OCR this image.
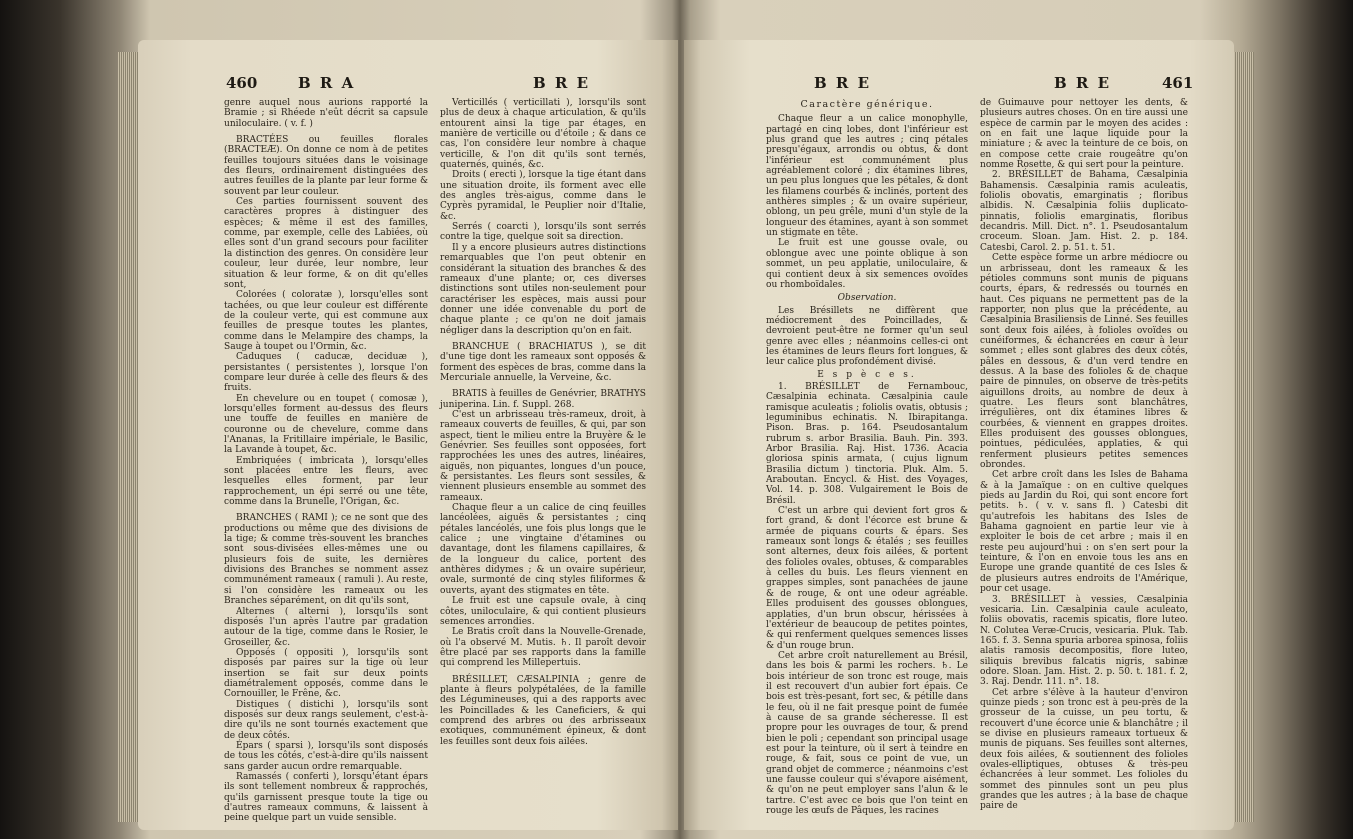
460	B R A	B R E

genre auquel nous aurions rapporté la Bramie ; si Rhéede n'eût décrit sa capsule uniloculaire. ( v. f. )

BRACTÉES ou feuilles florales (BRACTEÆ). On donne ce nom à de petites feuilles toujours situées dans le voisinage des fleurs, ordinairement distinguées des autres feuilles de la plante par leur forme & souvent par leur couleur.

Ces parties fournissent souvent des caractères propres à distinguer des espèces; & même il est des familles, comme, par exemple, celle des Labiées, où elles sont d'un grand secours pour faciliter la distinction des genres. On considère leur couleur, leur durée, leur nombre, leur situation & leur forme, & on dit qu'elles sont,

Colorées ( coloratæ ), lorsqu'elles sont tachées, ou que leur couleur est différente de la couleur verte, qui est commune aux feuilles de presque toutes les plantes, comme dans le Melampire des champs, la Sauge à toupet ou l'Ormin, &c.

Caduques ( caducæ, deciduæ ), persistantes ( persistentes ), lorsque l'on compare leur durée à celle des fleurs & des fruits.

En chevelure ou en toupet ( comosæ ), lorsqu'elles forment au-dessus des fleurs une touffe de feuilles en manière de couronne ou de chevelure, comme dans l'Ananas, la Fritillaire impériale, le Basilic, la Lavande à toupet, &c.

Embriquées ( imbricata ), lorsqu'elles sont placées entre les fleurs, avec lesquelles elles forment, par leur rapprochement, un épi serré ou une tête, comme dans la Brunelle, l'Origan, &c.

BRANCHES ( RAMI ); ce ne sont que des productions ou même que des divisions de la tige; & comme très-souvent les branches sont sous-divisées elles-mêmes une ou plusieurs fois de suite, les dernières divisions des Branches se nomment assez communément rameaux ( ramuli ). Au reste, si l'on considère les rameaux ou les Branches séparément, on dit qu'ils sont,

Alternes ( alterni ), lorsqu'ils sont disposés l'un après l'autre par gradation autour de la tige, comme dans le Rosier, le Groseiller, &c.

Opposés ( oppositi ), lorsqu'ils sont disposés par paires sur la tige où leur insertion se fait sur deux points diamétralement opposés, comme dans le Cornouiller, le Frêne, &c.

Distiques ( distichi ), lorsqu'ils sont disposés sur deux rangs seulement, c'est-à-dire qu'ils ne sont tournés exactement que de deux côtés.

Épars ( sparsi ), lorsqu'ils sont disposés de tous les côtés, c'est-à-dire qu'ils naissent sans garder aucun ordre remarquable.

Ramassés ( conferti ), lorsqu'étant épars ils sont tellement nombreux & rapprochés, qu'ils garnissent presque toute la tige ou d'autres rameaux communs, & laissent à peine quelque part un vuide sensible.

Verticillés ( verticillati ), lorsqu'ils sont plus de deux à chaque articulation, & qu'ils entourent ainsi la tige par étages, en manière de verticille ou d'étoile ; & dans ce cas, l'on considère leur nombre à chaque verticille, & l'on dit qu'ils sont ternés, quaternés, quinés, &c.

Droits ( erecti ), lorsque la tige étant dans une situation droite, ils forment avec elle des angles très-aigus, comme dans le Cyprès pyramidal, le Peuplier noir d'Italie, &c.

Serrés ( coarcti ), lorsqu'ils sont serrés contre la tige, quelque soit sa direction.

Il y a encore plusieurs autres distinctions remarquables que l'on peut obtenir en considérant la situation des branches & des rameaux d'une plante; or, ces diverses distinctions sont utiles non-seulement pour caractériser les espèces, mais aussi pour donner une idée convenable du port de chaque plante ; ce qu'on ne doit jamais négliger dans la description qu'on en fait.

BRANCHUE ( BRACHIATUS ), se dit d'une tige dont les rameaux sont opposés & forment des espèces de bras, comme dans la Mercuriale annuelle, la Verveine, &c.

BRATIS à feuilles de Genévrier, BRATHYS juniperina. Lin. f. Suppl. 268.

C'est un arbrisseau très-rameux, droit, à rameaux couverts de feuilles, & qui, par son aspect, tient le milieu entre la Bruyère & le Genévrier. Ses feuilles sont opposées, fort rapprochées les unes des autres, linéaires, aiguës, non piquantes, longues d'un pouce, & persistantes. Les fleurs sont sessiles, & viennent plusieurs ensemble au sommet des rameaux.

Chaque fleur a un calice de cinq feuilles lancéolées, aiguës & persistantes ; cinq pétales lancéolés, une fois plus longs que le calice ; une vingtaine d'étamines ou davantage, dont les filamens capillaires, & de la longueur du calice, portent des anthères didymes ; & un ovaire supérieur, ovale, surmonté de cinq styles filiformes & ouverts, ayant des stigmates en tête.

Le fruit est une capsule ovale, à cinq côtes, uniloculaire, & qui contient plusieurs semences arrondies.

Le Bratis croît dans la Nouvelle-Grenade, où l'a observé M. Mutis. ♄. Il paroît devoir être placé par ses rapports dans la famille qui comprend les Millepertuis.

BRÉSILLET, CÆSALPINIA ; genre de plante à fleurs polypétalées, de la famille des Légumineuses, qui a des rapports avec les Poincillades & les Caneficiers, & qui comprend des arbres ou des arbrisseaux exotiques, communément épineux, & dont les feuilles sont deux fois ailées.

B R E	B R E	461

Caractère générique.

Chaque fleur a un calice monophylle, partagé en cinq lobes, dont l'inférieur est plus grand que les autres ; cinq pétales presqu'égaux, arrondis ou obtus, & dont l'inférieur est communément plus agréablement coloré ; dix étamines libres, un peu plus longues que les pétales, & dont les filamens courbés & inclinés, portent des anthères simples ; & un ovaire supérieur, oblong, un peu grêle, muni d'un style de la longueur des étamines, ayant à son sommet un stigmate en tête.

Le fruit est une gousse ovale, ou oblongue avec une pointe oblique à son sommet, un peu applatie, uniloculaire, & qui contient deux à six semences ovoïdes ou rhomboïdales.

Observation.

Les Brésillets ne diffèrent que médiocrement des Poincillades, & devroient peut-être ne former qu'un seul genre avec elles ; néanmoins celles-ci ont les étamines de leurs fleurs fort longues, & leur calice plus profondément divisé.

E s p è c e s.

1. BRÉSILLET de Fernambouc, Cæsalpinia echinata. Cæsalpinia caule ramisque aculeatis ; foliolis ovatis, obtusis ; leguminibus echinatis. N. Ibirapitanga. Pison. Bras. p. 164. Pseudosantalum rubrum s. arbor Brasilia. Bauh. Pin. 393. Arbor Brasilia. Raj. Hist. 1736. Acacia gloriosa spinis armata, ( cujus lignum Brasilia dictum ) tinctoria. Pluk. Alm. 5. Araboutan. Encycl. & Hist. des Voyages, Vol. 14. p. 308. Vulgairement le Bois de Brésil.

C'est un arbre qui devient fort gros & fort grand, & dont l'écorce est brune & armée de piquans courts & épars. Ses rameaux sont longs & étalés ; ses feuilles sont alternes, deux fois ailées, & portent des folioles ovales, obtuses, & comparables à celles du buis. Les fleurs viennent en grappes simples, sont panachées de jaune & de rouge, & ont une odeur agréable. Elles produisent des gousses oblongues, applaties, d'un brun obscur, hérissées à l'extérieur de beaucoup de petites pointes, & qui renferment quelques semences lisses & d'un rouge brun.

Cet arbre croît naturellement au Brésil, dans les bois & parmi les rochers. ♄. Le bois intérieur de son tronc est rouge, mais il est recouvert d'un aubier fort épais. Ce bois est très-pesant, fort sec, & pétille dans le feu, où il ne fait presque point de fumée à cause de sa grande sécheresse. Il est propre pour les ouvrages de tour, & prend bien le poli ; cependant son principal usage est pour la teinture, où il sert à teindre en rouge, & fait, sous ce point de vue, un grand objet de commerce ; néanmoins c'est une fausse couleur qui s'évapore aisément, & qu'on ne peut employer sans l'alun & le tartre. C'est avec ce bois que l'on teint en rouge les œufs de Pâques, les racines

de Guimauve pour nettoyer les dents, & plusieurs autres choses. On en tire aussi une espèce de carmin par le moyen des acides : on en fait une laque liquide pour la miniature ; & avec la teinture de ce bois, on en compose cette craie rougeâtre qu'on nomme Rosette, & qui sert pour la peinture.

2. BRÉSILLET de Bahama, Cæsalpinia Bahamensis. Cæsalpinia ramis aculeatis, foliolis obovatis, emarginatis ; floribus albidis. N. Cæsalpinia foliis duplicato-pinnatis, foliolis emarginatis, floribus decandris. Mill. Dict. n°. 1. Pseudosantalum croceum. Sloan. Jam. Hist. 2. p. 184. Catesbi, Carol. 2. p. 51. t. 51.

Cette espèce forme un arbre médiocre ou un arbrisseau, dont les rameaux & les pétioles communs sont munis de piquans courts, épars, & redressés ou tournés en haut. Ces piquans ne permettent pas de la rapporter, non plus que la précédente, au Cæsalpinia Brasiliensis de Linné. Ses feuilles sont deux fois ailées, à folioles ovoïdes ou cunéiformes, & échancrées en cœur à leur sommet ; elles sont glabres des deux côtés, pâles en dessous, & d'un verd tendre en dessus. A la base des folioles & de chaque paire de pinnules, on observe de très-petits aiguillons droits, au nombre de deux à quatre. Les fleurs sont blanchâtres, irrégulières, ont dix étamines libres & courbées, & viennent en grappes droites. Elles produisent des gousses oblongues, pointues, pédiculées, applaties, & qui renferment plusieurs petites semences obrondes.

Cet arbre croît dans les Isles de Bahama & à la Jamaïque : on en cultive quelques pieds au Jardin du Roi, qui sont encore fort petits. ♄. ( v. v. sans fl. ) Catesbi dit qu'autrefois les habitans des Isles de Bahama gagnoient en partie leur vie à exploiter le bois de cet arbre ; mais il en reste peu aujourd'hui : on s'en sert pour la teinture, & l'on en envoie tous les ans en Europe une grande quantité de ces Isles & de plusieurs autres endroits de l'Amérique, pour cet usage.

3. BRÉSILLET à vessies, Cæsalpinia vesicaria. Lin. Cæsalpinia caule aculeato, foliis obovatis, racemis spicatis, flore luteo. N. Colutea Veræ-Crucis, vesicaria. Pluk. Tab. 165. f. 3. Senna spuria arborea spinosa, foliis alatis ramosis decompositis, flore luteo, siliquis brevibus falcatis nigris, sabinæ odore. Sloan. Jam. Hist. 2. p. 50. t. 181. f. 2, 3. Raj. Dendr. 111. n°. 18.

Cet arbre s'élève à la hauteur d'environ quinze pieds ; son tronc est à peu-près de la grosseur de la cuisse, un peu tortu, & recouvert d'une écorce unie & blanchâtre ; il se divise en plusieurs rameaux tortueux & munis de piquans. Ses feuilles sont alternes, deux fois ailées, & soutiennent des folioles ovales-elliptiques, obtuses & très-peu échancrées à leur sommet. Les folioles du sommet des pinnules sont un peu plus grandes que les autres ; à la base de chaque paire de
